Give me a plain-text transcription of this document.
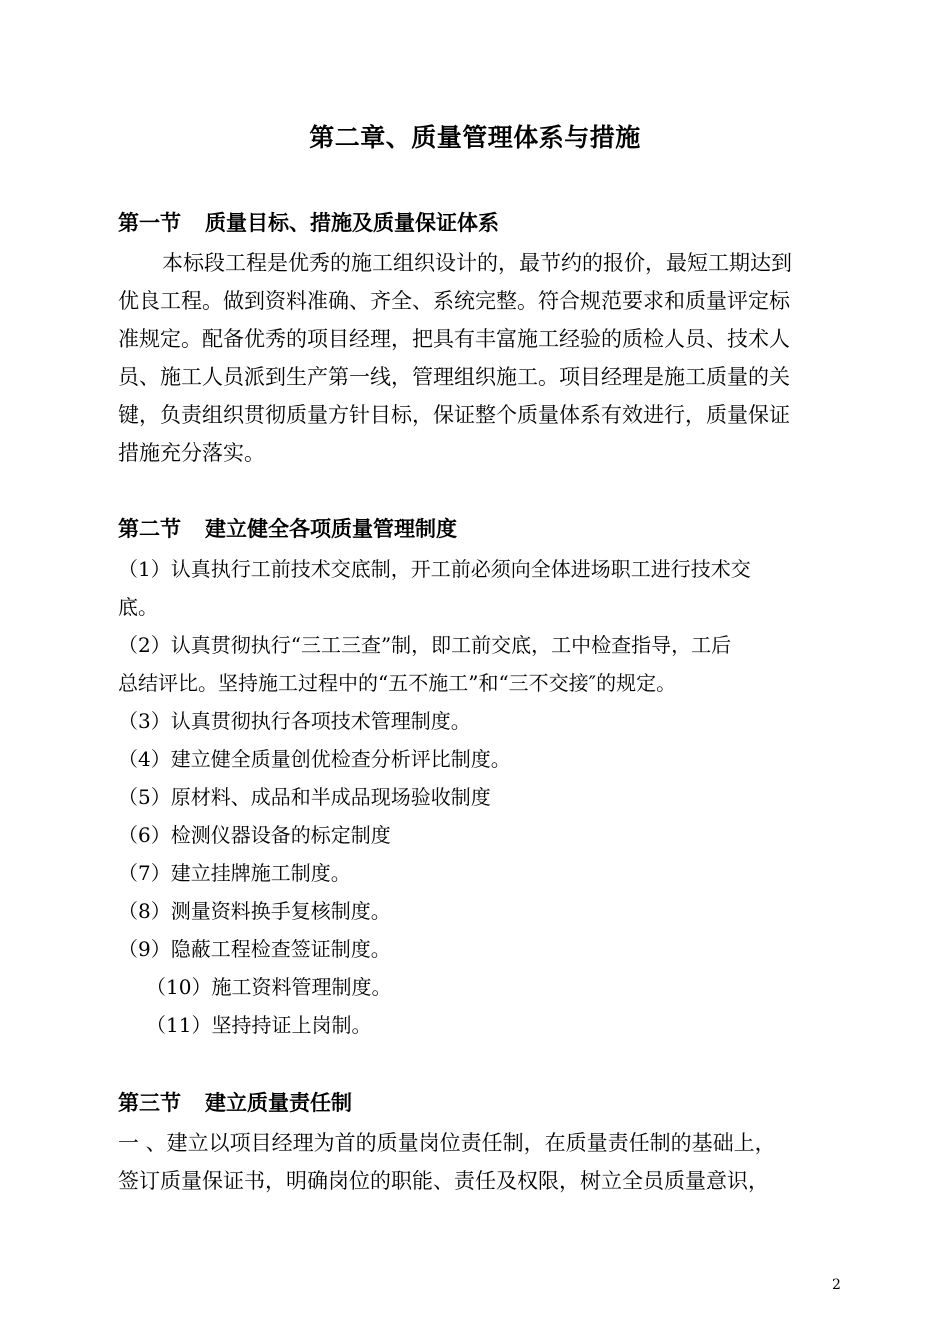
第二章、质量管理体系与措施
第一节 质量目标、措施及质量保证体系
本标段工程是优秀的施工组织设计的，最节约的报价，最短工期达到
优良工程。做到资料准确、齐全、系统完整。符合规范要求和质量评定标
准规定。配备优秀的项目经理，把具有丰富施工经验的质检人员、技术人
员、施工人员派到生产第一线，管理组织施工。项目经理是施工质量的关
键，负责组织贯彻质量方针目标，保证整个质量体系有效进行，质量保证
措施充分落实。
第二节 建立健全各项质量管理制度
（1）认真执行工前技术交底制，开工前必须向全体进场职工进行技术交
底。
（2）认真贯彻执行“三工三查”制，即工前交底，工中检查指导，工后
总结评比。坚持施工过程中的“五不施工”和“三不交接″的规定。
（3）认真贯彻执行各项技术管理制度。
（4）建立健全质量创优检查分析评比制度。
（5）原材料、成品和半成品现场验收制度
（6）检测仪器设备的标定制度
（7）建立挂牌施工制度。
（8）测量资料换手复核制度。
（9）隐蔽工程检查签证制度。
（10）施工资料管理制度。
（11）坚持持证上岗制。
第三节 建立质量责任制
一 、建立以项目经理为首的质量岗位责任制，在质量责任制的基础上，
签订质量保证书，明确岗位的职能、责任及权限，树立全员质量意识，
2
